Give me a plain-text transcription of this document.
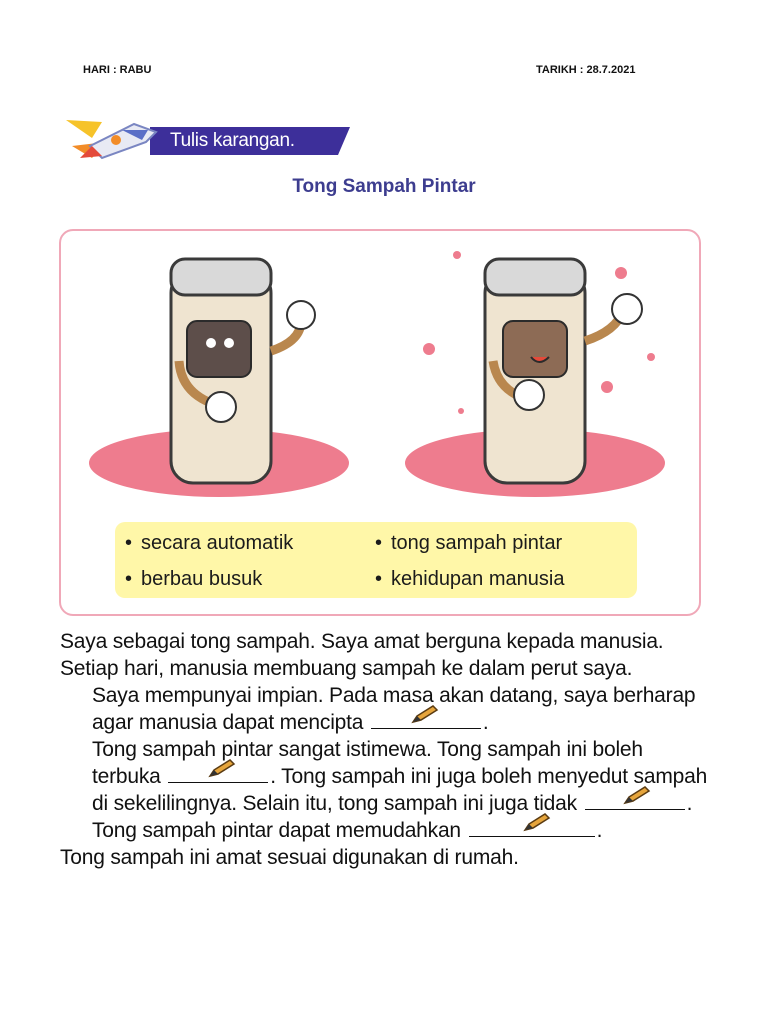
HARI : RABU	TARIKH : 28.7.2021
Tulis karangan.
Tong Sampah Pintar
• secara automatik	• tong sampah pintar
• berbau busuk	• kehidupan manusia

Saya sebagai tong sampah. Saya amat berguna kepada manusia. Setiap hari, manusia membuang sampah ke dalam perut saya.

Saya mempunyai impian. Pada masa akan datang, saya berharap agar manusia dapat mencipta	.

Tong sampah pintar sangat istimewa. Tong sampah ini boleh terbuka	. Tong sampah ini juga boleh menyedut sampah di sekelilingnya. Selain itu, tong sampah ini juga tidak	.

Tong sampah pintar dapat memudahkan	.

Tong sampah ini amat sesuai digunakan di rumah.
